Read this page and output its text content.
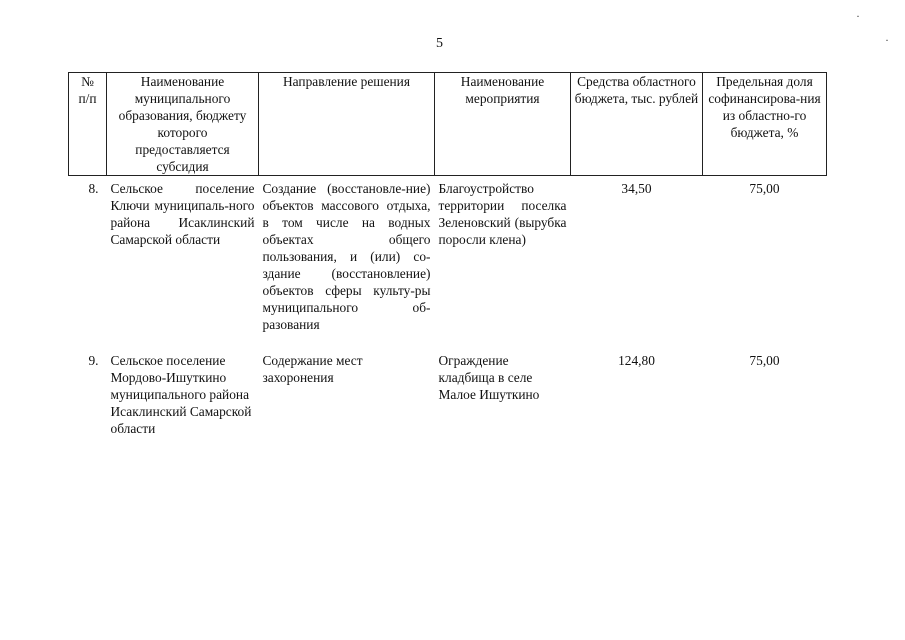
5
·
·
№
п/п	Наименование муниципального образования, бюджету которого предоставляется субсидия	Направление решения	Наименование мероприятия	Средства областного бюджета, тыс. рублей	Предельная доля софинансирова-ния из областно-го бюджета, %
8.	Сельское поселение Ключи муниципаль-ного района Исаклинский Самарской области	Создание (восстановле-ние) объектов массового отдыха, в том числе на водных объектах общего пользования, и (или) со-здание (восстановление) объектов сферы культу-ры муниципального об-разования	Благоустройство территории поселка Зеленовский (вырубка поросли клена)	34,50	75,00
9.	Сельское поселение Мордово-Ишуткино муниципального района Исаклинский Самарской области	Содержание мест захоронения	Ограждение кладбища в селе Малое Ишуткино	124,80	75,00
